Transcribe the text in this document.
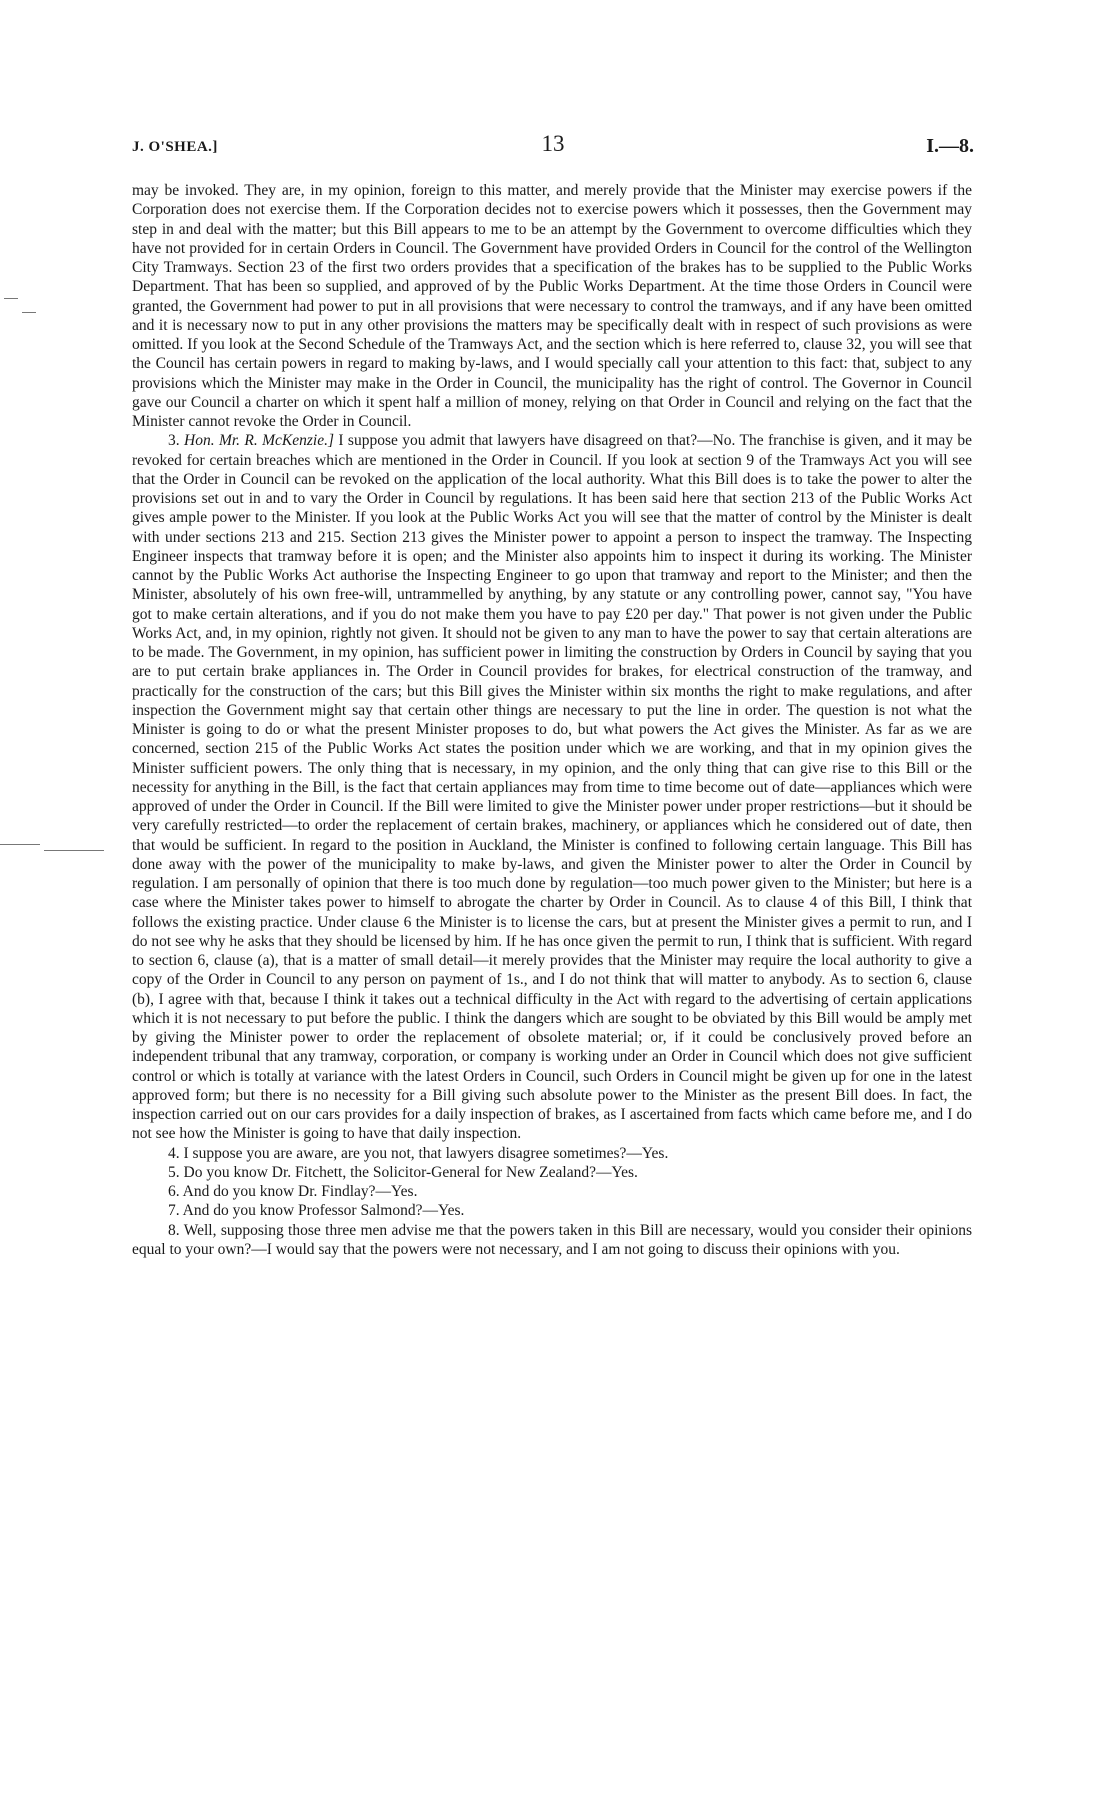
J. O'SHEA.]	13	I.—8.

may be invoked. They are, in my opinion, foreign to this matter, and merely provide that the Minister may exercise powers if the Corporation does not exercise them. If the Corporation decides not to exercise powers which it possesses, then the Government may step in and deal with the matter; but this Bill appears to me to be an attempt by the Government to overcome difficulties which they have not provided for in certain Orders in Council. The Government have provided Orders in Council for the control of the Wellington City Tramways. Section 23 of the first two orders provides that a specification of the brakes has to be supplied to the Public Works Department. That has been so supplied, and approved of by the Public Works Department. At the time those Orders in Council were granted, the Government had power to put in all provisions that were necessary to control the tramways, and if any have been omitted and it is necessary now to put in any other provisions the matters may be specifically dealt with in respect of such provisions as were omitted. If you look at the Second Schedule of the Tramways Act, and the section which is here referred to, clause 32, you will see that the Council has certain powers in regard to making by-laws, and I would specially call your attention to this fact: that, subject to any provisions which the Minister may make in the Order in Council, the municipality has the right of control. The Governor in Council gave our Council a charter on which it spent half a million of money, relying on that Order in Council and relying on the fact that the Minister cannot revoke the Order in Council.

3. Hon. Mr. R. McKenzie.] I suppose you admit that lawyers have disagreed on that?—No. The franchise is given, and it may be revoked for certain breaches which are mentioned in the Order in Council. If you look at section 9 of the Tramways Act you will see that the Order in Council can be revoked on the application of the local authority. What this Bill does is to take the power to alter the provisions set out in and to vary the Order in Council by regulations. It has been said here that section 213 of the Public Works Act gives ample power to the Minister. If you look at the Public Works Act you will see that the matter of control by the Minister is dealt with under sections 213 and 215. Section 213 gives the Minister power to appoint a person to inspect the tramway. The Inspecting Engineer inspects that tramway before it is open; and the Minister also appoints him to inspect it during its working. The Minister cannot by the Public Works Act authorise the Inspecting Engineer to go upon that tramway and report to the Minister; and then the Minister, absolutely of his own free-will, untrammelled by anything, by any statute or any controlling power, cannot say, "You have got to make certain alterations, and if you do not make them you have to pay £20 per day." That power is not given under the Public Works Act, and, in my opinion, rightly not given. It should not be given to any man to have the power to say that certain alterations are to be made. The Government, in my opinion, has sufficient power in limiting the construction by Orders in Council by saying that you are to put certain brake appliances in. The Order in Council provides for brakes, for electrical construction of the tramway, and practically for the construction of the cars; but this Bill gives the Minister within six months the right to make regulations, and after inspection the Government might say that certain other things are necessary to put the line in order. The question is not what the Minister is going to do or what the present Minister proposes to do, but what powers the Act gives the Minister. As far as we are concerned, section 215 of the Public Works Act states the position under which we are working, and that in my opinion gives the Minister sufficient powers. The only thing that is necessary, in my opinion, and the only thing that can give rise to this Bill or the necessity for anything in the Bill, is the fact that certain appliances may from time to time become out of date—appliances which were approved of under the Order in Council. If the Bill were limited to give the Minister power under proper restrictions—but it should be very carefully restricted—to order the replacement of certain brakes, machinery, or appliances which he considered out of date, then that would be sufficient. In regard to the position in Auckland, the Minister is confined to following certain language. This Bill has done away with the power of the municipality to make by-laws, and given the Minister power to alter the Order in Council by regulation. I am personally of opinion that there is too much done by regulation—too much power given to the Minister; but here is a case where the Minister takes power to himself to abrogate the charter by Order in Council. As to clause 4 of this Bill, I think that follows the existing practice. Under clause 6 the Minister is to license the cars, but at present the Minister gives a permit to run, and I do not see why he asks that they should be licensed by him. If he has once given the permit to run, I think that is sufficient. With regard to section 6, clause (a), that is a matter of small detail—it merely provides that the Minister may require the local authority to give a copy of the Order in Council to any person on payment of 1s., and I do not think that will matter to anybody. As to section 6, clause (b), I agree with that, because I think it takes out a technical difficulty in the Act with regard to the advertising of certain applications which it is not necessary to put before the public. I think the dangers which are sought to be obviated by this Bill would be amply met by giving the Minister power to order the replacement of obsolete material; or, if it could be conclusively proved before an independent tribunal that any tramway, corporation, or company is working under an Order in Council which does not give sufficient control or which is totally at variance with the latest Orders in Council, such Orders in Council might be given up for one in the latest approved form; but there is no necessity for a Bill giving such absolute power to the Minister as the present Bill does. In fact, the inspection carried out on our cars provides for a daily inspection of brakes, as I ascertained from facts which came before me, and I do not see how the Minister is going to have that daily inspection.

4. I suppose you are aware, are you not, that lawyers disagree sometimes?—Yes.

5. Do you know Dr. Fitchett, the Solicitor-General for New Zealand?—Yes.

6. And do you know Dr. Findlay?—Yes.

7. And do you know Professor Salmond?—Yes.

8. Well, supposing those three men advise me that the powers taken in this Bill are necessary, would you consider their opinions equal to your own?—I would say that the powers were not necessary, and I am not going to discuss their opinions with you.
